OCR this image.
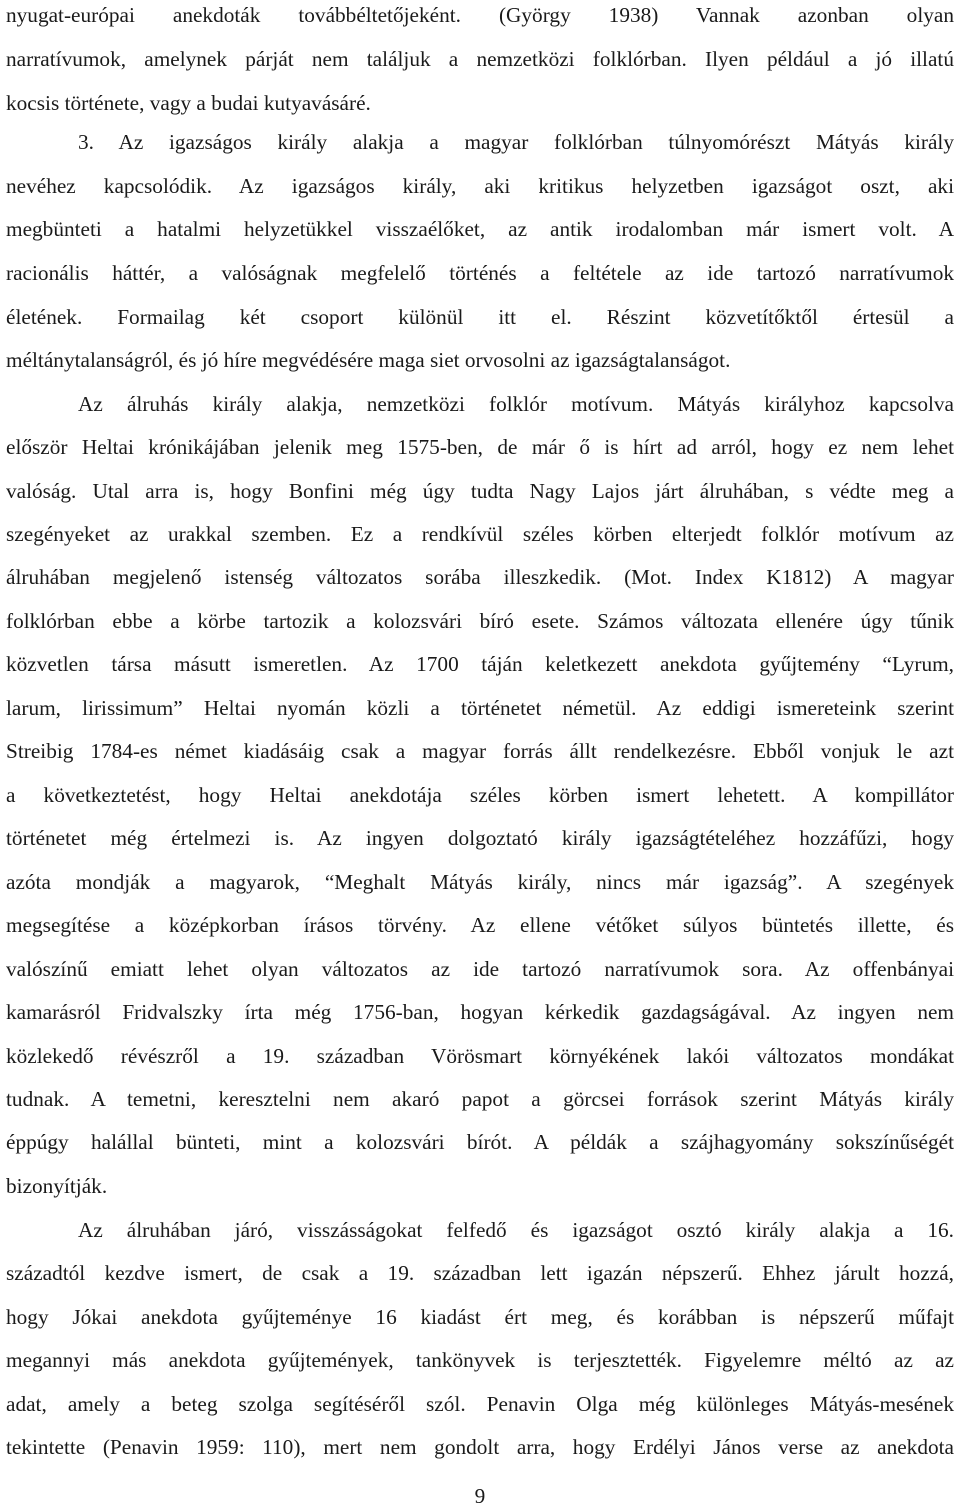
nyugat-európai anekdoták továbbéltetőjeként. (György 1938) Vannak azonban olyan
narratívumok, amelynek párját nem találjuk a nemzetközi folklórban. Ilyen például a jó illatú
kocsis története, vagy a budai kutyavásáré.
3. Az igazságos király alakja a magyar folklórban túlnyomórészt Mátyás király
nevéhez kapcsolódik. Az igazságos király, aki kritikus helyzetben igazságot oszt, aki
megbünteti a hatalmi helyzetükkel visszaélőket, az antik irodalomban már ismert volt. A
racionális háttér, a valóságnak megfelelő történés a feltétele az ide tartozó narratívumok
életének. Formailag két csoport különül itt el. Részint közvetítőktől értesül a
méltánytalanságról, és jó híre megvédésére maga siet orvosolni az igazságtalanságot.
Az álruhás király alakja, nemzetközi folklór motívum. Mátyás királyhoz kapcsolva
először Heltai krónikájában jelenik meg 1575-ben, de már ő is hírt ad arról, hogy ez nem lehet
valóság. Utal arra is, hogy Bonfini még úgy tudta Nagy Lajos járt álruhában, s védte meg a
szegényeket az urakkal szemben. Ez a rendkívül széles körben elterjedt folklór motívum az
álruhában megjelenő istenség változatos sorába illeszkedik. (Mot. Index K1812) A magyar
folklórban ebbe a körbe tartozik a kolozsvári bíró esete. Számos változata ellenére úgy tűnik
közvetlen társa másutt ismeretlen. Az 1700 táján keletkezett anekdota gyűjtemény “Lyrum,
larum, lirissimum” Heltai nyomán közli a történetet németül. Az eddigi ismereteink szerint
Streibig 1784-es német kiadásáig csak a magyar forrás állt rendelkezésre. Ebből vonjuk le azt
a következtetést, hogy Heltai anekdotája széles körben ismert lehetett. A kompillátor
történetet még értelmezi is. Az ingyen dolgoztató király igazságtételéhez hozzáfűzi, hogy
azóta mondják a magyarok, “Meghalt Mátyás király, nincs már igazság”. A szegények
megsegítése a középkorban írásos törvény. Az ellene vétőket súlyos büntetés illette, és
valószínű emiatt lehet olyan változatos az ide tartozó narratívumok sora. Az offenbányai
kamarásról Fridvalszky írta még 1756-ban, hogyan kérkedik gazdagságával. Az ingyen nem
közlekedő révészről a 19. században Vörösmart környékének lakói változatos mondákat
tudnak. A temetni, keresztelni nem akaró papot a görcsei források szerint Mátyás király
éppúgy halállal bünteti, mint a kolozsvári bírót. A példák a szájhagyomány sokszínűségét
bizonyítják.
Az álruhában járó, visszásságokat felfedő és igazságot osztó király alakja a 16.
századtól kezdve ismert, de csak a 19. században lett igazán népszerű. Ehhez járult hozzá,
hogy Jókai anekdota gyűjteménye 16 kiadást ért meg, és korábban is népszerű műfajt
megannyi más anekdota gyűjtemények, tankönyvek is terjesztették. Figyelemre méltó az az
adat, amely a beteg szolga segítéséről szól. Penavin Olga még különleges Mátyás-mesének
tekintette (Penavin 1959: 110), mert nem gondolt arra, hogy Erdélyi János verse az anekdota
9
